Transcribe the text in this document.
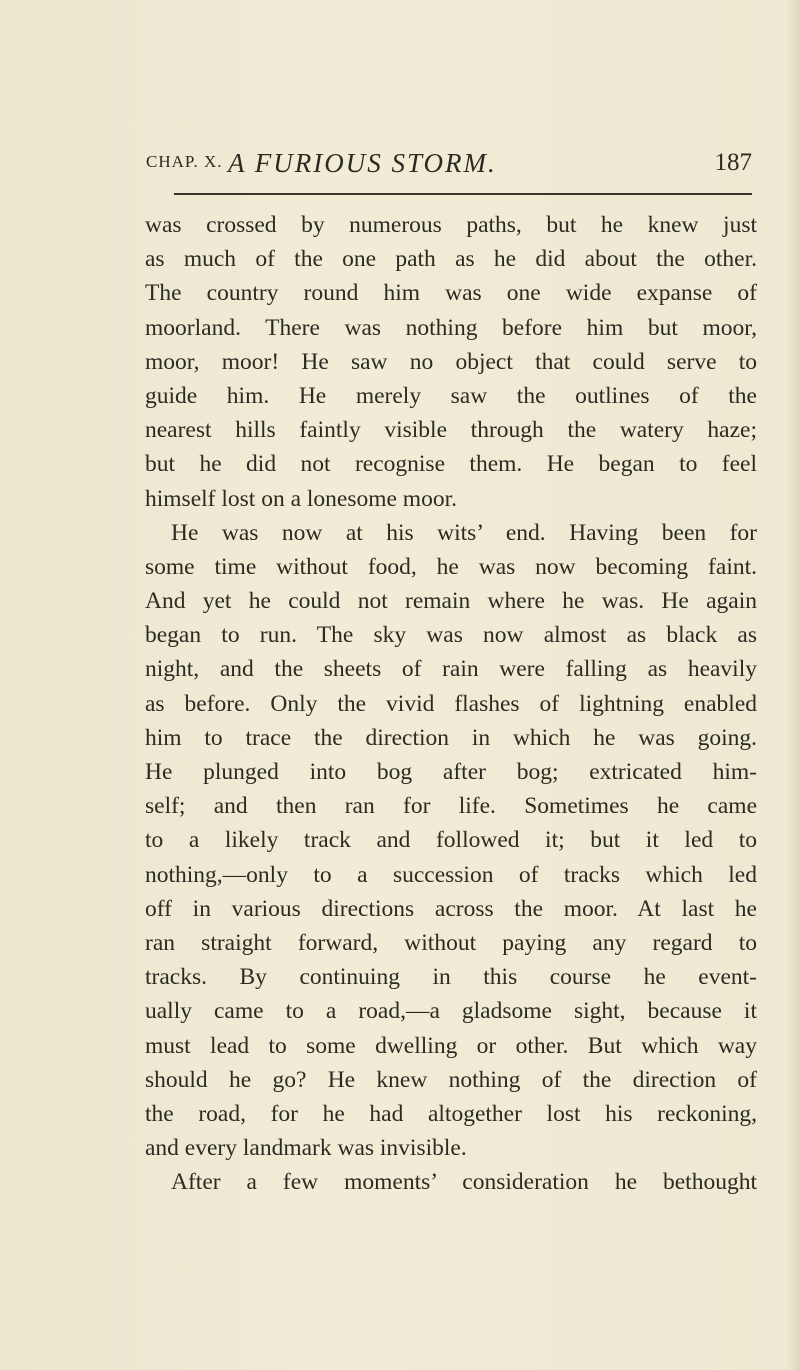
CHAP. X. A FURIOUS STORM.	187
was crossed by numerous paths, but he knew just
as much of the one path as he did about the other.
The country round him was one wide expanse of
moorland. There was nothing before him but moor,
moor, moor! He saw no object that could serve to
guide him. He merely saw the outlines of the
nearest hills faintly visible through the watery haze;
but he did not recognise them. He began to feel
himself lost on a lonesome moor.
He was now at his wits’ end. Having been for
some time without food, he was now becoming faint.
And yet he could not remain where he was. He again
began to run. The sky was now almost as black as
night, and the sheets of rain were falling as heavily
as before. Only the vivid flashes of lightning enabled
him to trace the direction in which he was going.
He plunged into bog after bog; extricated him-
self; and then ran for life. Sometimes he came
to a likely track and followed it; but it led to
nothing,—only to a succession of tracks which led
off in various directions across the moor. At last he
ran straight forward, without paying any regard to
tracks. By continuing in this course he event-
ually came to a road,—a gladsome sight, because it
must lead to some dwelling or other. But which way
should he go? He knew nothing of the direction of
the road, for he had altogether lost his reckoning,
and every landmark was invisible.
After a few moments’ consideration he bethought
